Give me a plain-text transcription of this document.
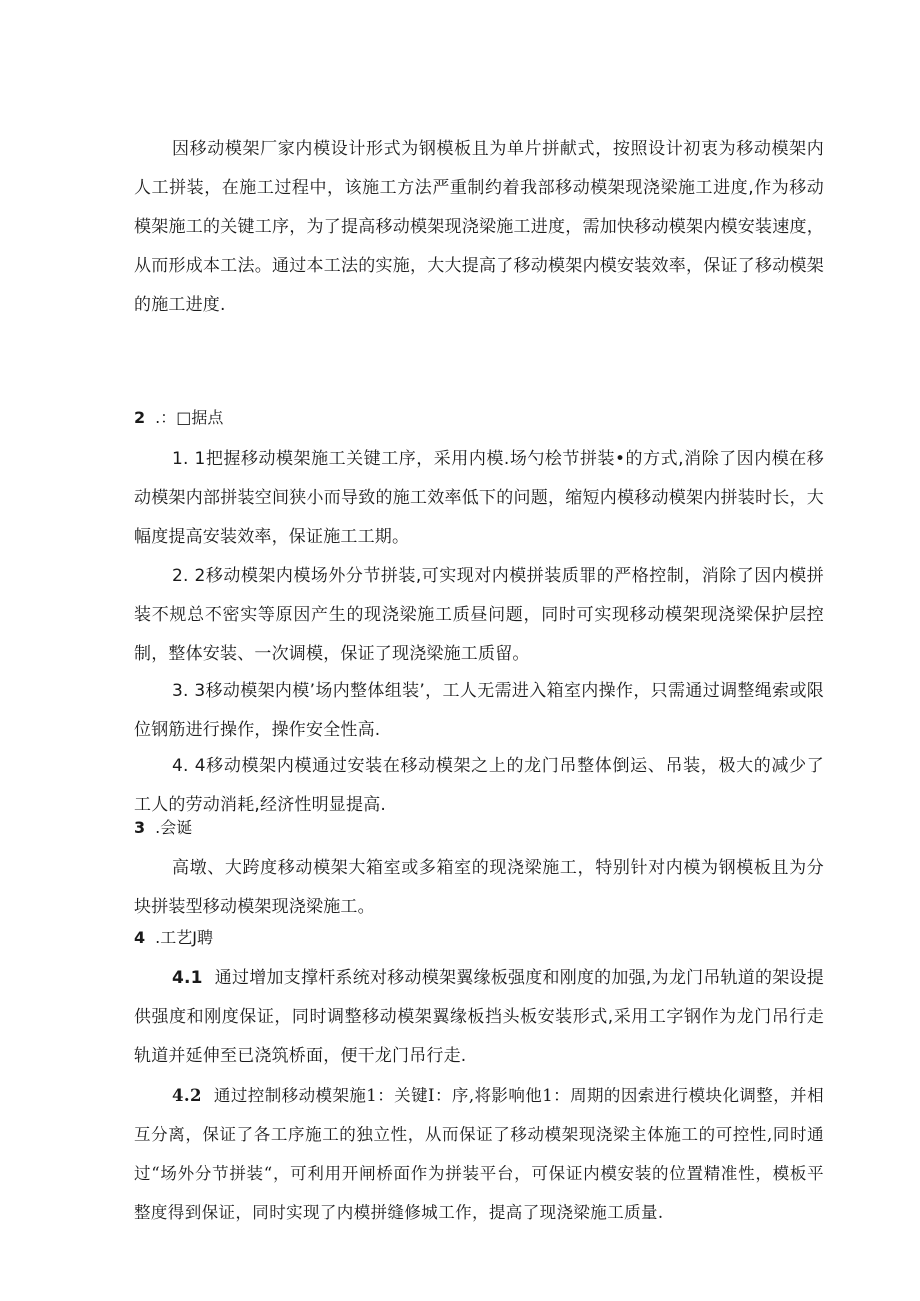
因移动模架厂家内模设计形式为钢模板且为单片拼献式，按照设计初衷为移动模架内人工拼装，在施工过程中，该施工方法严重制约着我部移动模架现浇梁施工进度,作为移动模架施工的关键工序，为了提高移动模架现浇梁施工进度，需加快移动模架内模安装速度，从而形成本工法。通过本工法的实施，大大提高了移动模架内模安装效率，保证了移动模架的施工进度.

2 .：□据点

1. 1把握移动模架施工关键工序，采用内模.场勺桧节拼装•的方式,消除了因内模在移动模架内部拼装空间狭小而导致的施工效率低下的问题，缩短内模移动模架内拼装时长，大幅度提高安装效率，保证施工工期。

2. 2移动模架内模场外分节拼装,可实现对内模拼装质罪的严格控制，消除了因内模拼装不规总不密实等原因产生的现浇梁施工质昼问题，同时可实现移动模架现浇梁保护层控制，整体安装、一次调模，保证了现浇梁施工质留。

3. 3移动模架内模’场内整体组装’，工人无需进入箱室内操作，只需通过调整绳索或限位钢筋进行操作，操作安全性高.

4. 4移动模架内模通过安装在移动模架之上的龙门吊整体倒运、吊装，极大的减少了工人的劳动消耗,经济性明显提高.

3 .会诞

高墩、大跨度移动模架大箱室或多箱室的现浇梁施工，特别针对内模为钢模板且为分块拼装型移动模架现浇梁施工。

4 .工艺J聘

4.1 通过增加支撑杆系统对移动模架翼缘板强度和刚度的加强,为龙门吊轨道的架设提供强度和刚度保证，同时调整移动模架翼缘板挡头板安装形式,采用工字钢作为龙门吊行走轨道并延伸至已浇筑桥面，便干龙门吊行走.

4.2 通过控制移动模架施1：关键I：序,将影响他1：周期的因索进行模块化调整，并相互分离，保证了各工序施工的独立性，从而保证了移动模架现浇梁主体施工的可控性,同时通过“场外分节拼装“，可利用开闸桥面作为拼装平台，可保证内模安装的位置精准性，模板平整度得到保证，同时实现了内模拼缝修城工作，提高了现浇梁施工质量.
